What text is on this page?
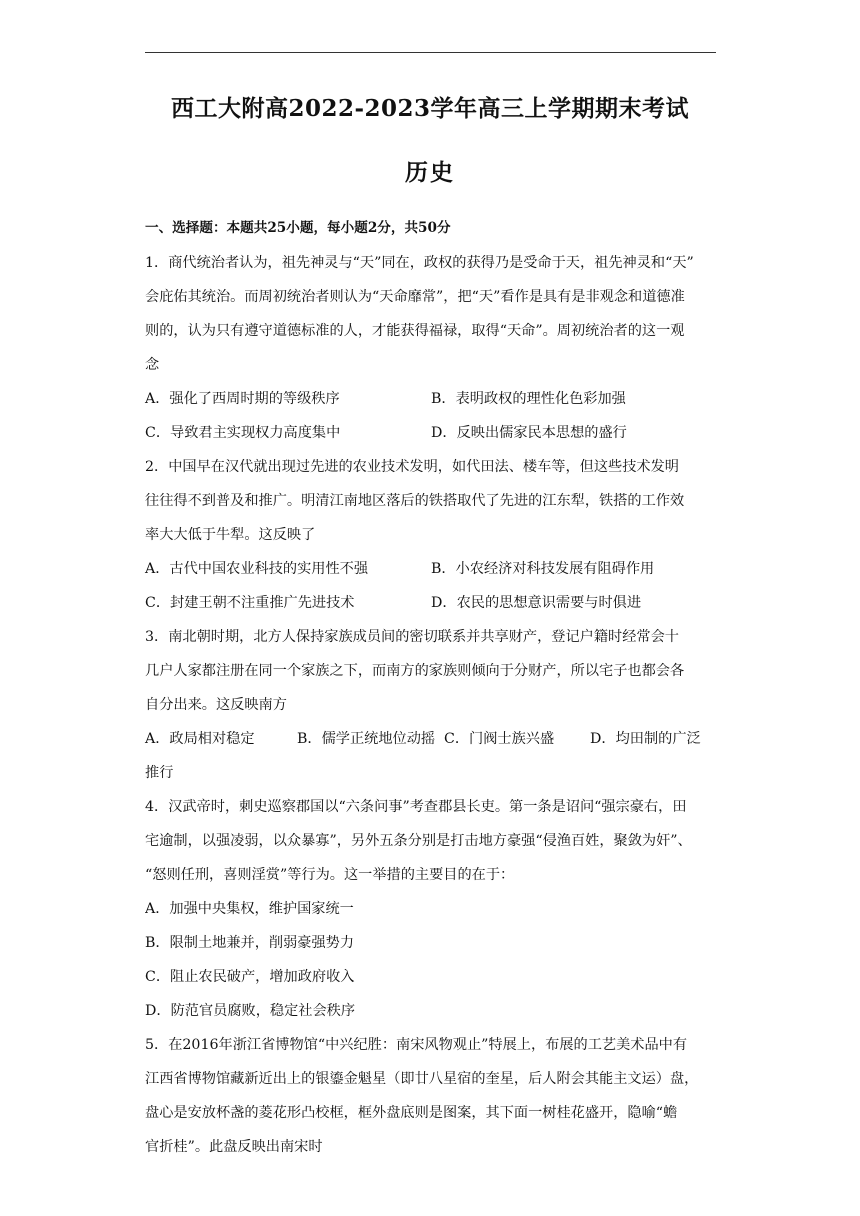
西工大附高2022-2023学年高三上学期期末考试
历史
一、选择题：本题共25小题，每小题2分，共50分
1．商代统治者认为，祖先神灵与“天”同在，政权的获得乃是受命于天，祖先神灵和“天”
会庇佑其统治。而周初统治者则认为“天命靡常”，把“天”看作是具有是非观念和道德准
则的，认为只有遵守道德标准的人，才能获得福禄，取得“天命”。周初统治者的这一观
念
A．强化了西周时期的等级秩序	B．表明政权的理性化色彩加强
C．导致君主实现权力高度集中	D．反映出儒家民本思想的盛行
2．中国早在汉代就出现过先进的农业技术发明，如代田法、楼车等，但这些技术发明
往往得不到普及和推广。明清江南地区落后的铁搭取代了先进的江东犁，铁搭的工作效
率大大低于牛犁。这反映了
A．古代中国农业科技的实用性不强	B．小农经济对科技发展有阻碍作用
C．封建王朝不注重推广先进技术	D．农民的思想意识需要与时俱进
3．南北朝时期，北方人保持家族成员间的密切联系并共享财产，登记户籍时经常会十
几户人家都注册在同一个家族之下，而南方的家族则倾向于分财产，所以宅子也都会各
自分出来。这反映南方
A．政局相对稳定	B．儒学正统地位动摇 C．门阀士族兴盛	D．均田制的广泛
推行
4．汉武帝时，刺史巡察郡国以“六条问事”考查郡县长吏。第一条是诏问“强宗豪右，田
宅逾制，以强凌弱，以众暴寡”，另外五条分别是打击地方豪强“侵渔百姓，聚敛为奸”、
“怒则任刑，喜则淫赏”等行为。这一举措的主要目的在于：
A．加强中央集权，维护国家统一
B．限制土地兼并，削弱豪强势力
C．阻止农民破产，增加政府收入
D．防范官员腐败，稳定社会秩序
5．在2016年浙江省博物馆“中兴纪胜：南宋风物观止”特展上，布展的工艺美术品中有
江西省博物馆藏新近出上的银鎏金魁星（即廿八星宿的奎星，后人附会其能主文运）盘，
盘心是安放杯盏的菱花形凸校框，框外盘底则是图案，其下面一树桂花盛开，隐喻“蟾
官折桂”。此盘反映出南宋时
